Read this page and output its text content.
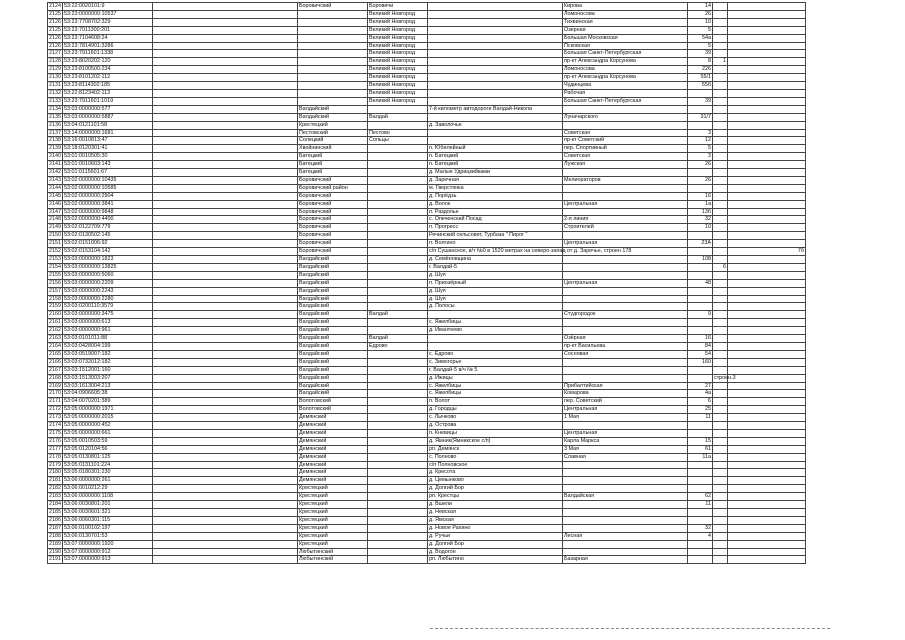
2124	53:22:0020101:9		Боровичский	Боровичи		Кирова	14		
2125	53:23:0000000:10537			Великий Новгород		Ломоносова	26		
2126	53:23:7708702:329			Великий Новгород		Тихвинская	10		
2125	53:23:7011300:201			Великий Новгород		Озерная	5		
2126	53:23:7104608:24			Великий Новгород		Большая Московская	54а		
2126	53:23:7814901:3286			Великий Новгород		Псковская	5		
2127	53:23:7911601:1338			Великий Новгород		Большая Санкт-Петербургская	39		
2128	53:23:8020202:120			Великий Новгород		пр-кт Александра Корсунова	8	1	
2129	53:23:8100500:234			Великий Новгород		Ломоносова	226		
2130	53:23:8101202:112			Великий Новгород		пр-кт Александра Корсунова	55/1		
2131	53:23:8114302:185			Великий Новгород		Чудинцева	55б		
2132	53:22:8123402:113			Великий Новгород		Рабочая			
2133	53:23:7911601:1019			Великий Новгород		Большая Санкт-Петербургская	39		
2134	53:03:0000000:577		Валдайский		7-й километр автодороги Валдай-Никола				
2135	53:03:0000000:5887		Валдайский	Валдай		Луначарского	31/7		
2136	53:04:0121101:58		Крестецкий		д. Заволочье				
2137	53:14:0000000:1681		Пестовский	Пестово		Советская	3		
2138	53:16:0010813:47		Солецкий	Сольцы		пр-кт Советский	12		
2139	53:18:0120301:41		Хвойнинский		п. Юбилейный	пер. Спортивный	5		
2140	53:01:0010505:30		Батецкий		п. Батецкий	Советская	3		
2141	53:01:0010603:143		Батецкий		п. Батецкий	Лужская	26		
2142	53:01:0115601:67		Батецкий		д. Малые Удрицкийками				
2143	53:02:0000000:10435		Боровичский		д. Заречная	Мелиораторов	26		
2144	53:02:0000000:10585		Боровичский район		м. Гверстянка				
2145	53:02:0000000:2904		Боровичский		д. Порёдзь		16		
2146	53:02:0000000:3841		Боровичский		д. Волок	Центральная	1а		
2147	53:02:0000000:9848		Боровичский		п. Раздолье		13б		
2148	53:02:0000000:4400		Боровичский		с. Опеченский Посад	2-я линия	32		
2149	53:02:0122709:779		Боровичский		п. Прогресс	Строителей	10		
2150	53:02:0130502:145		Боровичский		Речинский сельсовет, Турбаза " Пирог "				
2151	53:02:0151006:92		Боровичский		п. Волгино	Центральная	23А		
2152	53:02:0153104:142		Боровичский		с/п Сушанское, в/т №0 в 1520 метрах на северо-запад от д. Заречье, строен 178				7б
2153	53:03:0000000:1823		Валдайский		д. Семёновщина		108		
2154	53:03:0000000:13825		Валдайский		г. Валдай-5			6	
2155	53:03:0000000:5060		Валдайский		д. Шуя				
2156	53:03:0000000:2209		Валдайский		п. Приозёрный	Центральная	48		
2157	53:03:0000000:2243		Валдайский		д. Шуя				
2158	53:03:0000000:2280		Валдайский		д. Шуя				
2159	53:03:0200110:3579		Валдайский		д. Полосы				
2160	53:03:0000000:3475		Валдайский	Валдай		Студгородок	9		
2161	53:03:0000000:613		Валдайский		с. Яжелбицы				
2162	53:03:0000000:961		Валдайский		д. Ивантеево				
2163	53:03:0101011:88		Валдайский	Валдай		Озёрная	16		
2164	53:03:0428004:199		Валдайский	Едрово		пр-кт Васильева	84		
2165	53:03:0519007:182		Валдайский		с. Едрово	Сосновая	54		
2166	53:03:0732012:182		Валдайский		с. Зимогорье		160		
2167	53:03:1512001:160		Валдайский		г. Валдай-5 в/ч № 5				
2168	53:03:1513003:207		Валдайский		д. Ижицы			строен.3	
2169	53:03:1613004:213		Валдайский		с. Яжелбицы	Прибалтийская	27		
2170	53:04:0906605:38		Валдайский		с. Яжелбицы	Комарова	4а		
2171	53:04:0070201:389		Волотовский		п. Волот	пер. Советский	6		
2172	53:05:0000000:1971		Волотовский		д. Городцы	Центральная	25		
2173	53:05:0000000:2015		Демянский		с. Лычково	1 Мая	11		
2174	53:05:0000000:452		Демянский		д. Острова				
2175	53:05:0000000:661		Демянский		п. Кневицы	Центральная			
2176	53:05:0010503:59		Демянский		д. Ямник(Ямникское с/п)	Карла Маркса	15		
2177	53:05:0120104:56		Демянский		рп. Демянск	3 Мая	61		
2178	53:05:0130801:125		Демянский		с. Полново	Славная	11а		
2179	53:05:0131101:224		Демянский		с/п Полновское				
2180	53:05:0180301:230		Демянский		д. Кресота				
2181	53:06:0000000:261		Демянский		д. Цемынково				
2182	53:06:0010212:29		Крестецкий		д. Долгий Бор				
2183	53:06:0000000:1108		Крестецкий		рп. Крестцы	Валдайская	62		
2184	53:06:0030801:201		Крестецкий		д. Вшели		11		
2185	53:06:0030601:321		Крестецкий		д. Невская				
2186	53:06:0060301:115		Крестецкий		д. Ямская				
2187	53:06:0100102:197		Крестецкий		д. Новое Рахино		32		
2188	53:06:0130701:53		Крестецкий		д. Ручьи	Лесная	4		
2189	53:07:0000000:1920		Крестецкий		д. Долгий Бор				
2190	53:07:0000000:912		Любытинский		д. Водогон				
2191	53:07:0000000:913		Любытинский		рп. Любытино	Базарная			
